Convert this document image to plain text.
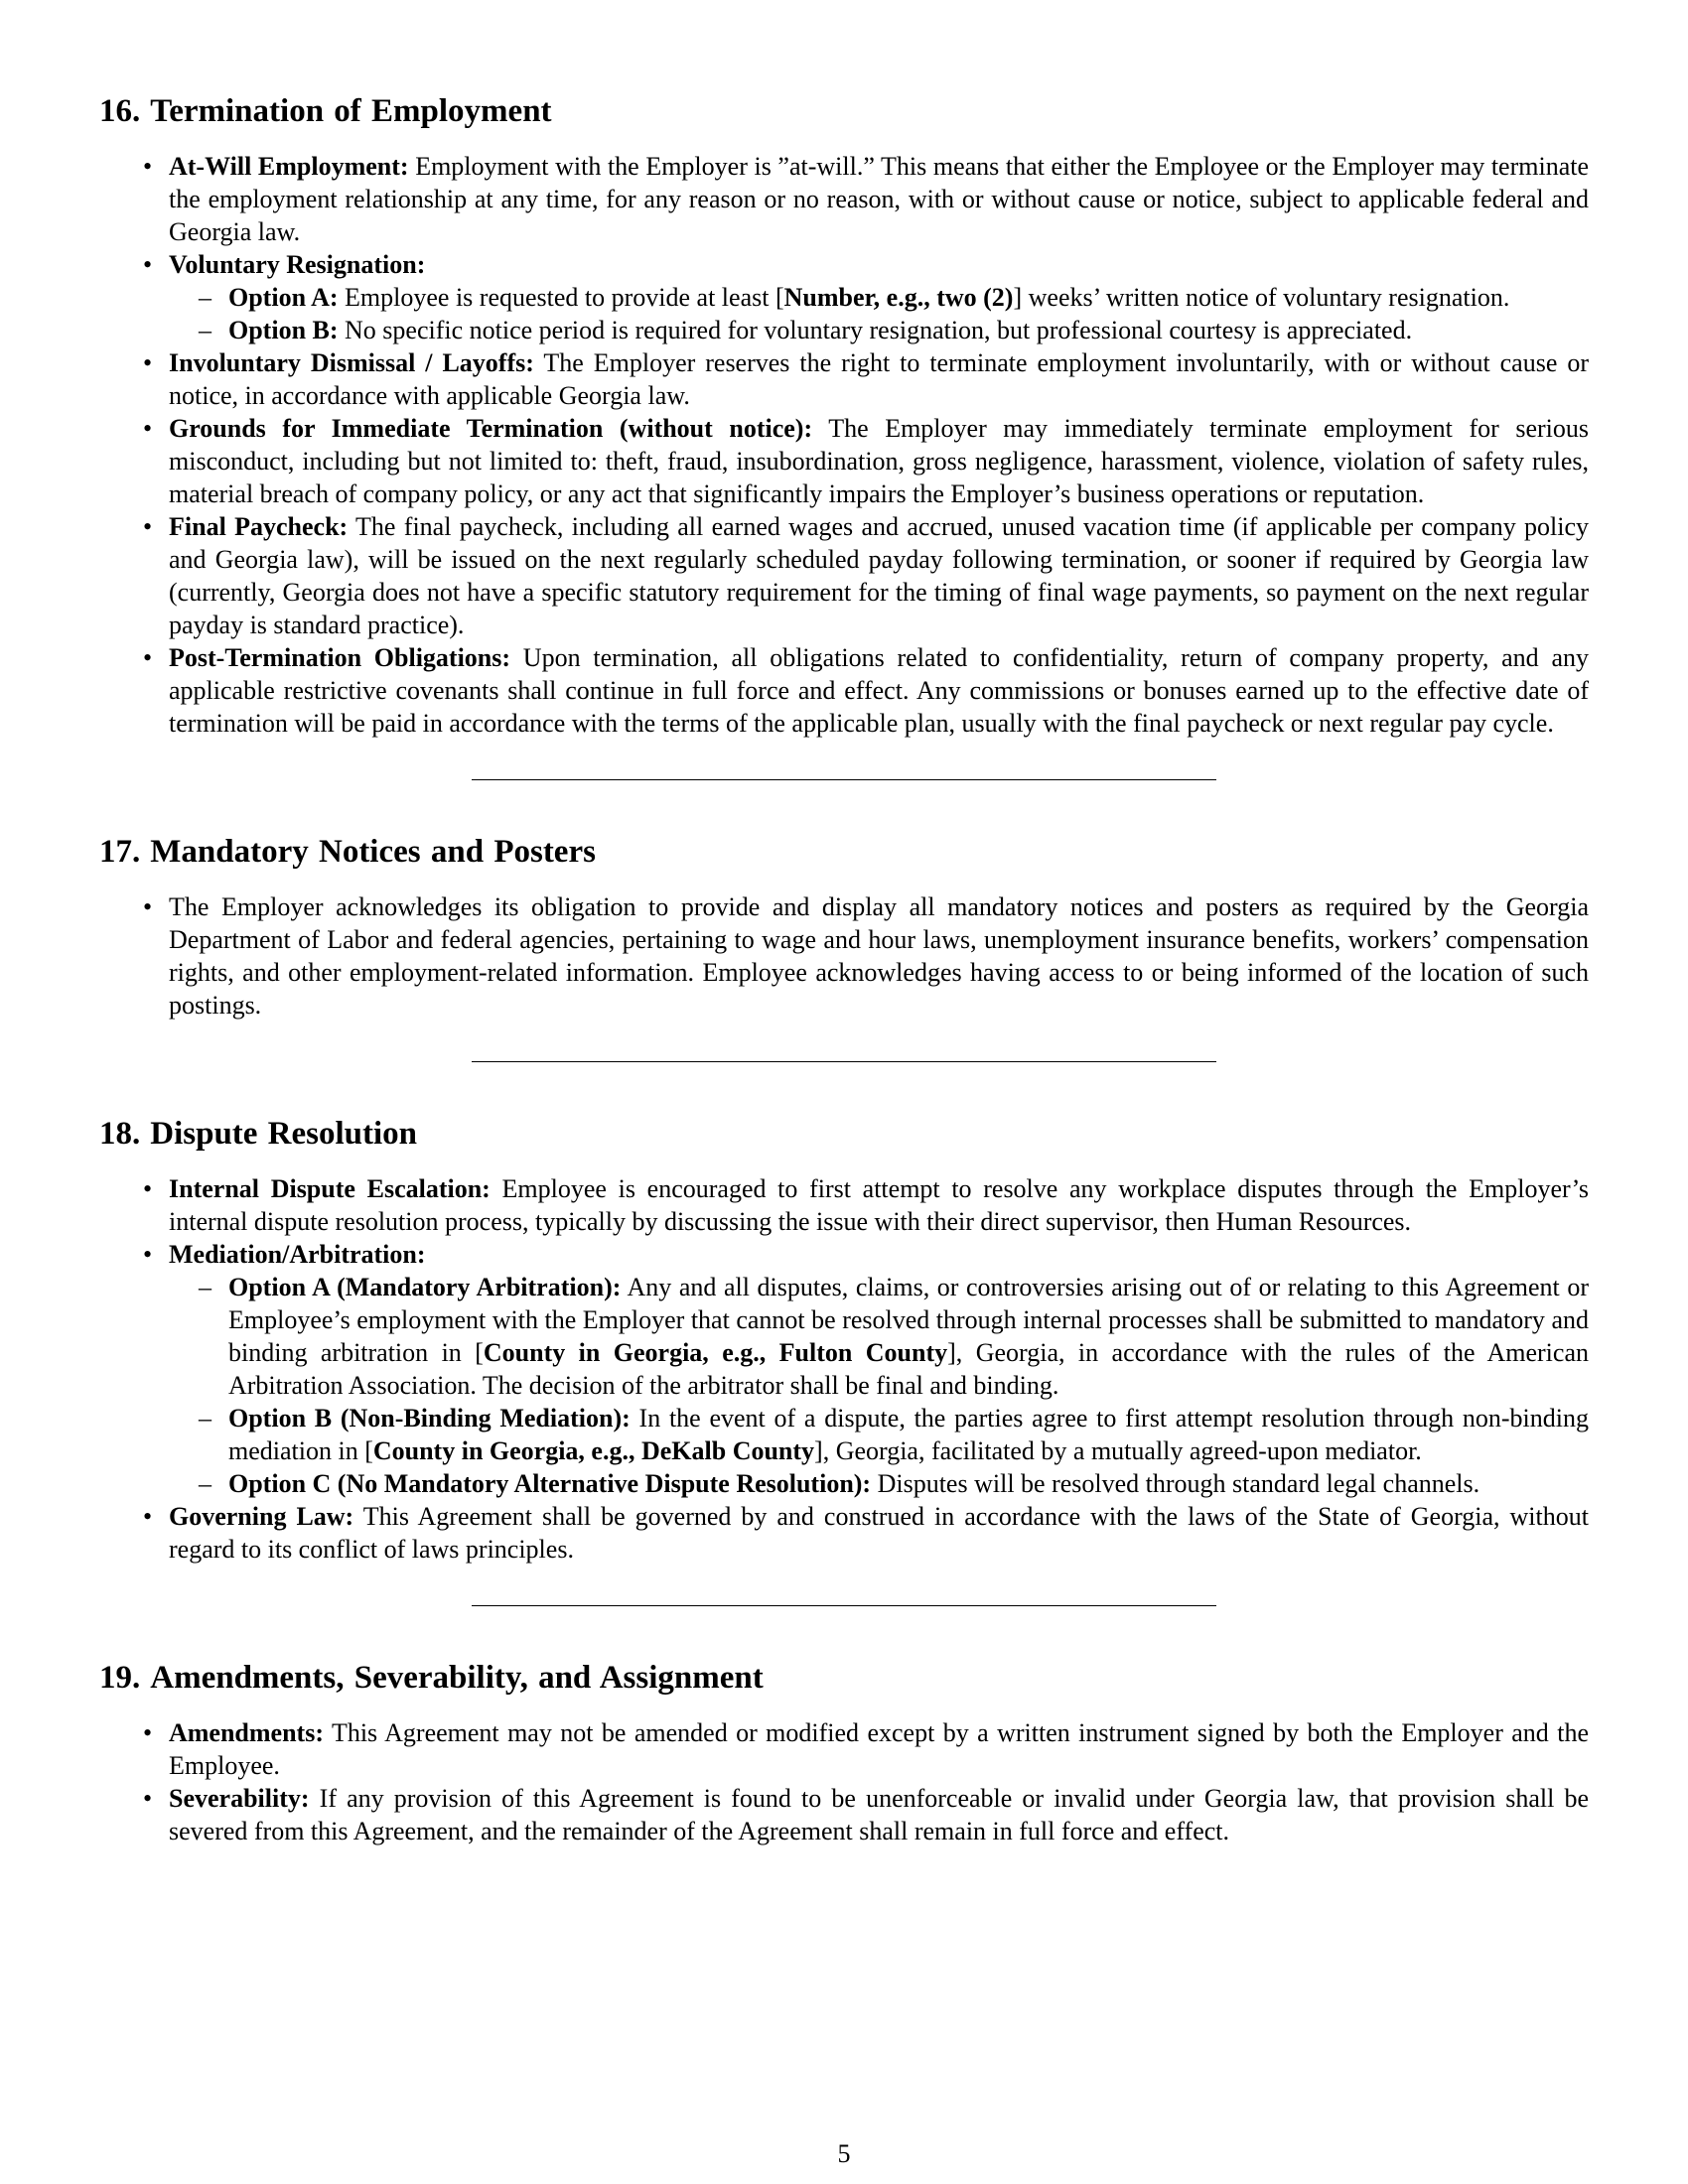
16. Termination of Employment
• At-Will Employment: Employment with the Employer is ”at-will.” This means that either the Employee or the Employer may terminate the employment relationship at any time, for any reason or no reason, with or without cause or notice, subject to applicable federal and Georgia law.
• Voluntary Resignation:
– Option A: Employee is requested to provide at least [Number, e.g., two (2)] weeks’ written notice of voluntary resignation.
– Option B: No specific notice period is required for voluntary resignation, but professional courtesy is appreciated.
• Involuntary Dismissal / Layoffs: The Employer reserves the right to terminate employment involuntarily, with or without cause or notice, in accordance with applicable Georgia law.
• Grounds for Immediate Termination (without notice): The Employer may immediately terminate employment for serious misconduct, including but not limited to: theft, fraud, insubordination, gross negligence, harassment, violence, violation of safety rules, material breach of company policy, or any act that significantly impairs the Employer’s business operations or reputation.
• Final Paycheck: The final paycheck, including all earned wages and accrued, unused vacation time (if applicable per company policy and Georgia law), will be issued on the next regularly scheduled payday following termination, or sooner if required by Georgia law (currently, Georgia does not have a specific statutory requirement for the timing of final wage payments, so payment on the next regular payday is standard practice).
• Post-Termination Obligations: Upon termination, all obligations related to confidentiality, return of company property, and any applicable restrictive covenants shall continue in full force and effect. Any commissions or bonuses earned up to the effective date of termination will be paid in accordance with the terms of the applicable plan, usually with the final paycheck or next regular pay cycle.
17. Mandatory Notices and Posters
• The Employer acknowledges its obligation to provide and display all mandatory notices and posters as required by the Georgia Department of Labor and federal agencies, pertaining to wage and hour laws, unemployment insurance benefits, workers’ compensation rights, and other employment-related information. Employee acknowledges having access to or being informed of the location of such postings.
18. Dispute Resolution
• Internal Dispute Escalation: Employee is encouraged to first attempt to resolve any workplace disputes through the Employer’s internal dispute resolution process, typically by discussing the issue with their direct supervisor, then Human Resources.
• Mediation/Arbitration:
– Option A (Mandatory Arbitration): Any and all disputes, claims, or controversies arising out of or relating to this Agreement or Employee’s employment with the Employer that cannot be resolved through internal processes shall be submitted to mandatory and binding arbitration in [County in Georgia, e.g., Fulton County], Georgia, in accordance with the rules of the American Arbitration Association. The decision of the arbitrator shall be final and binding.
– Option B (Non-Binding Mediation): In the event of a dispute, the parties agree to first attempt resolution through non-binding mediation in [County in Georgia, e.g., DeKalb County], Georgia, facilitated by a mutually agreed-upon mediator.
– Option C (No Mandatory Alternative Dispute Resolution): Disputes will be resolved through standard legal channels.
• Governing Law: This Agreement shall be governed by and construed in accordance with the laws of the State of Georgia, without regard to its conflict of laws principles.
19. Amendments, Severability, and Assignment
• Amendments: This Agreement may not be amended or modified except by a written instrument signed by both the Employer and the Employee.
• Severability: If any provision of this Agreement is found to be unenforceable or invalid under Georgia law, that provision shall be severed from this Agreement, and the remainder of the Agreement shall remain in full force and effect.
5
